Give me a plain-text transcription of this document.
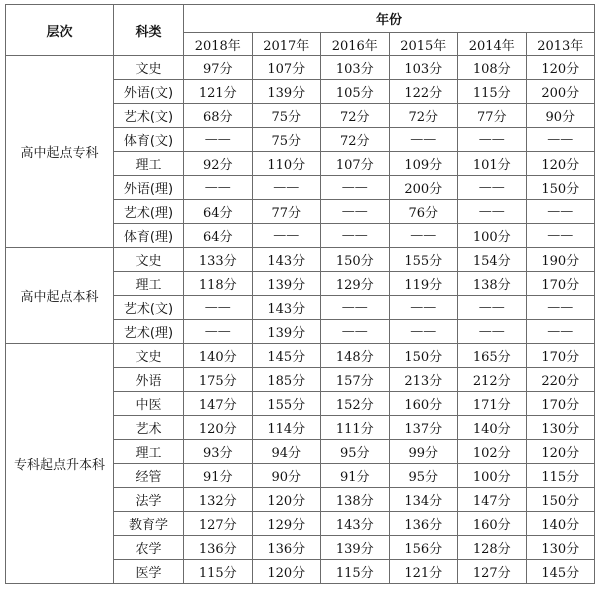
层次	科类	年份					
		2018年	2017年	2016年	2015年	2014年	2013年
高中起点专科	文史	97分	107分	103分	103分	108分	120分
	外语(文)	121分	139分	105分	122分	115分	200分
	艺术(文)	68分	75分	72分	72分	77分	90分
	体育(文)	——	75分	72分	——	——	——
	理工	92分	110分	107分	109分	101分	120分
	外语(理)	——	——	——	200分	——	150分
	艺术(理)	64分	77分	——	76分	——	——
	体育(理)	64分	——	——	——	100分	——
高中起点本科	文史	133分	143分	150分	155分	154分	190分
	理工	118分	139分	129分	119分	138分	170分
	艺术(文)	——	143分	——	——	——	——
	艺术(理)	——	139分	——	——	——	——
专科起点升本科	文史	140分	145分	148分	150分	165分	170分
	外语	175分	185分	157分	213分	212分	220分
	中医	147分	155分	152分	160分	171分	170分
	艺术	120分	114分	111分	137分	140分	130分
	理工	93分	94分	95分	99分	102分	120分
	经管	91分	90分	91分	95分	100分	115分
	法学	132分	120分	138分	134分	147分	150分
	教育学	127分	129分	143分	136分	160分	140分
	农学	136分	136分	139分	156分	128分	130分
	医学	115分	120分	115分	121分	127分	145分
